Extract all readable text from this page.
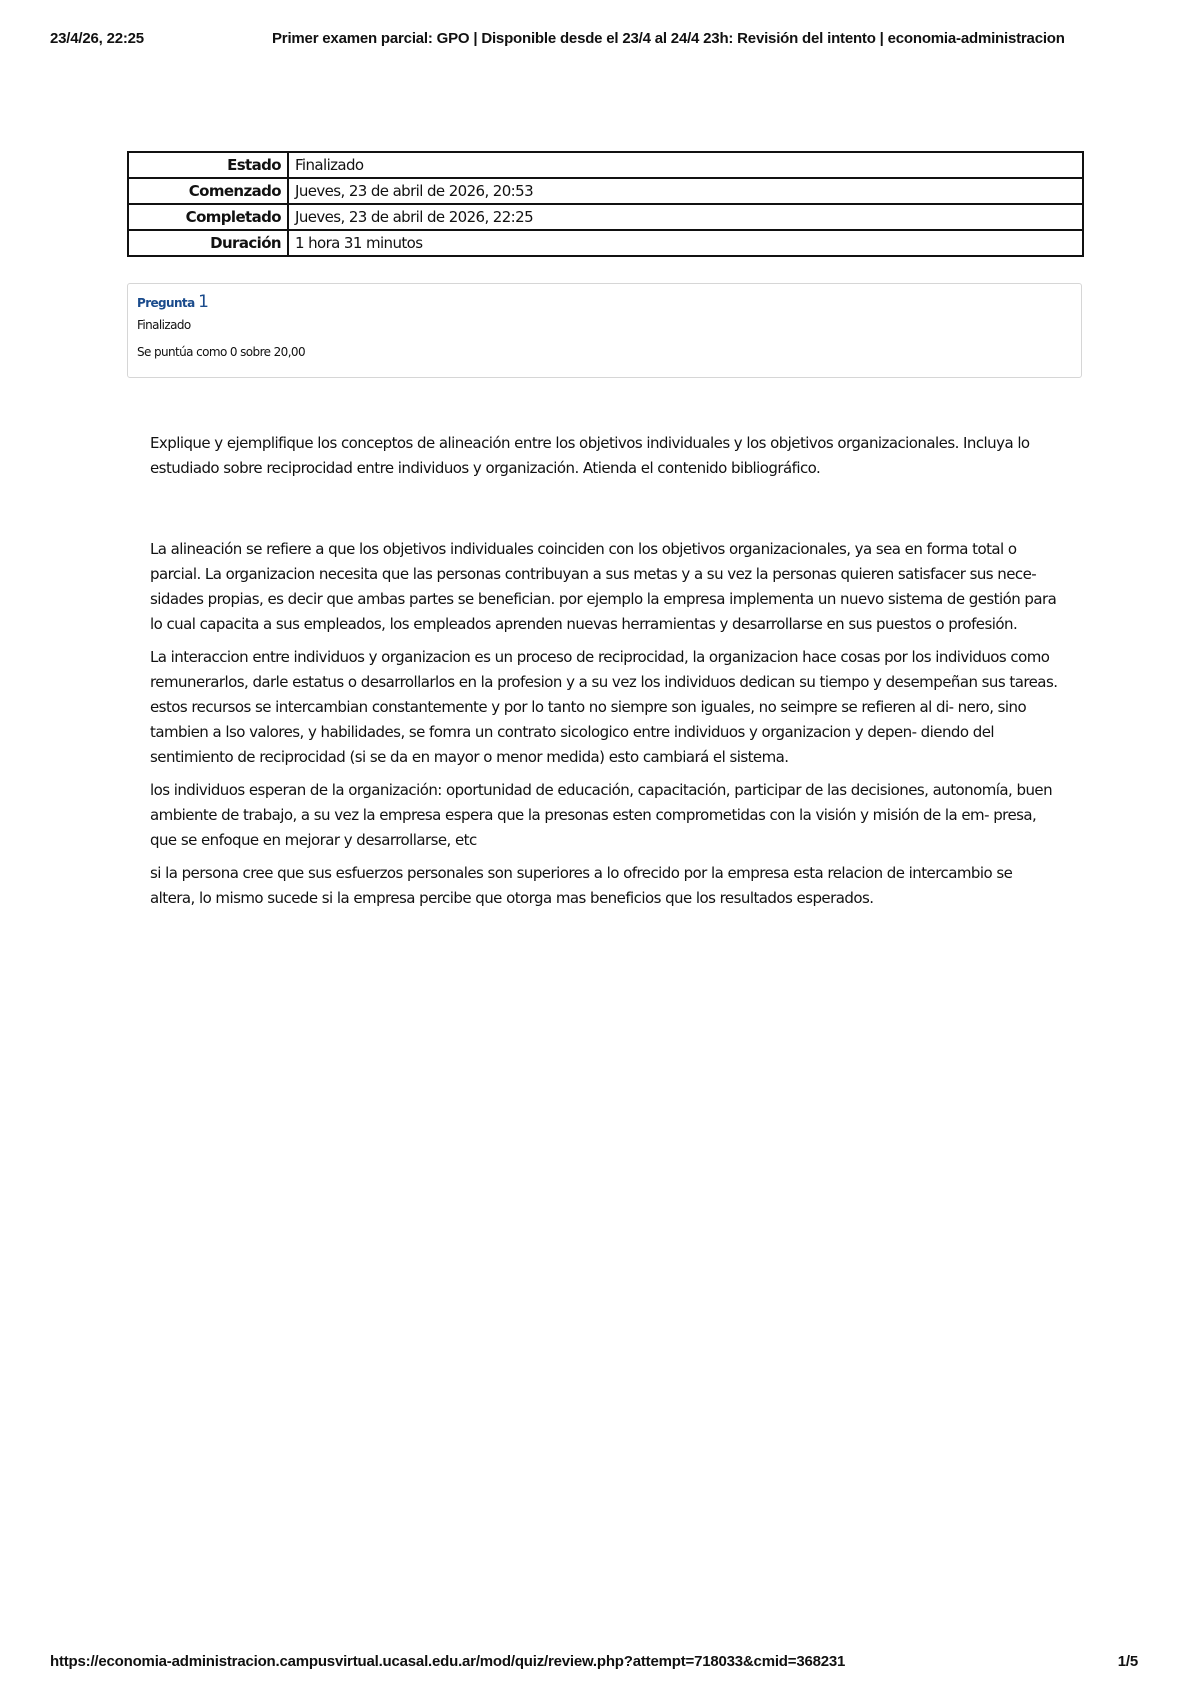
23/4/26, 22:25	Primer examen parcial: GPO | Disponible desde el 23/4 al 24/4 23h: Revisión del intento | economia-administracion
Estado	Finalizado
Comenzado	Jueves, 23 de abril de 2026, 20:53
Completado	Jueves, 23 de abril de 2026, 22:25
Duración	1 hora 31 minutos
Pregunta 1
Finalizado
Se puntúa como 0 sobre 20,00

Explique y ejemplifique los conceptos de alineación entre los objetivos individuales y los objetivos organizacionales. Incluya lo estudiado sobre reciprocidad entre individuos y organización. Atienda el contenido bibliográfico.

La alineación se refiere a que los objetivos individuales coinciden con los objetivos organizacionales, ya sea en forma total o parcial. La organizacion necesita que las personas contribuyan a sus metas y a su vez la personas quieren satisfacer sus nece- sidades propias, es decir que ambas partes se benefician. por ejemplo la empresa implementa un nuevo sistema de gestión para lo cual capacita a sus empleados, los empleados aprenden nuevas herramientas y desarrollarse en sus puestos o profesión.

La interaccion entre individuos y organizacion es un proceso de reciprocidad, la organizacion hace cosas por los individuos como remunerarlos, darle estatus o desarrollarlos en la profesion y a su vez los individuos dedican su tiempo y desempeñan sus tareas. estos recursos se intercambian constantemente y por lo tanto no siempre son iguales, no seimpre se refieren al di- nero, sino tambien a lso valores, y habilidades, se fomra un contrato sicologico entre individuos y organizacion y depen- diendo del sentimiento de reciprocidad (si se da en mayor o menor medida) esto cambiará el sistema.

los individuos esperan de la organización: oportunidad de educación, capacitación, participar de las decisiones, autonomía, buen ambiente de trabajo, a su vez la empresa espera que la presonas esten comprometidas con la visión y misión de la em- presa, que se enfoque en mejorar y desarrollarse, etc

si la persona cree que sus esfuerzos personales son superiores a lo ofrecido por la empresa esta relacion de intercambio se altera, lo mismo sucede si la empresa percibe que otorga mas beneficios que los resultados esperados.

https://economia-administracion.campusvirtual.ucasal.edu.ar/mod/quiz/review.php?attempt=718033&cmid=368231	1/5
